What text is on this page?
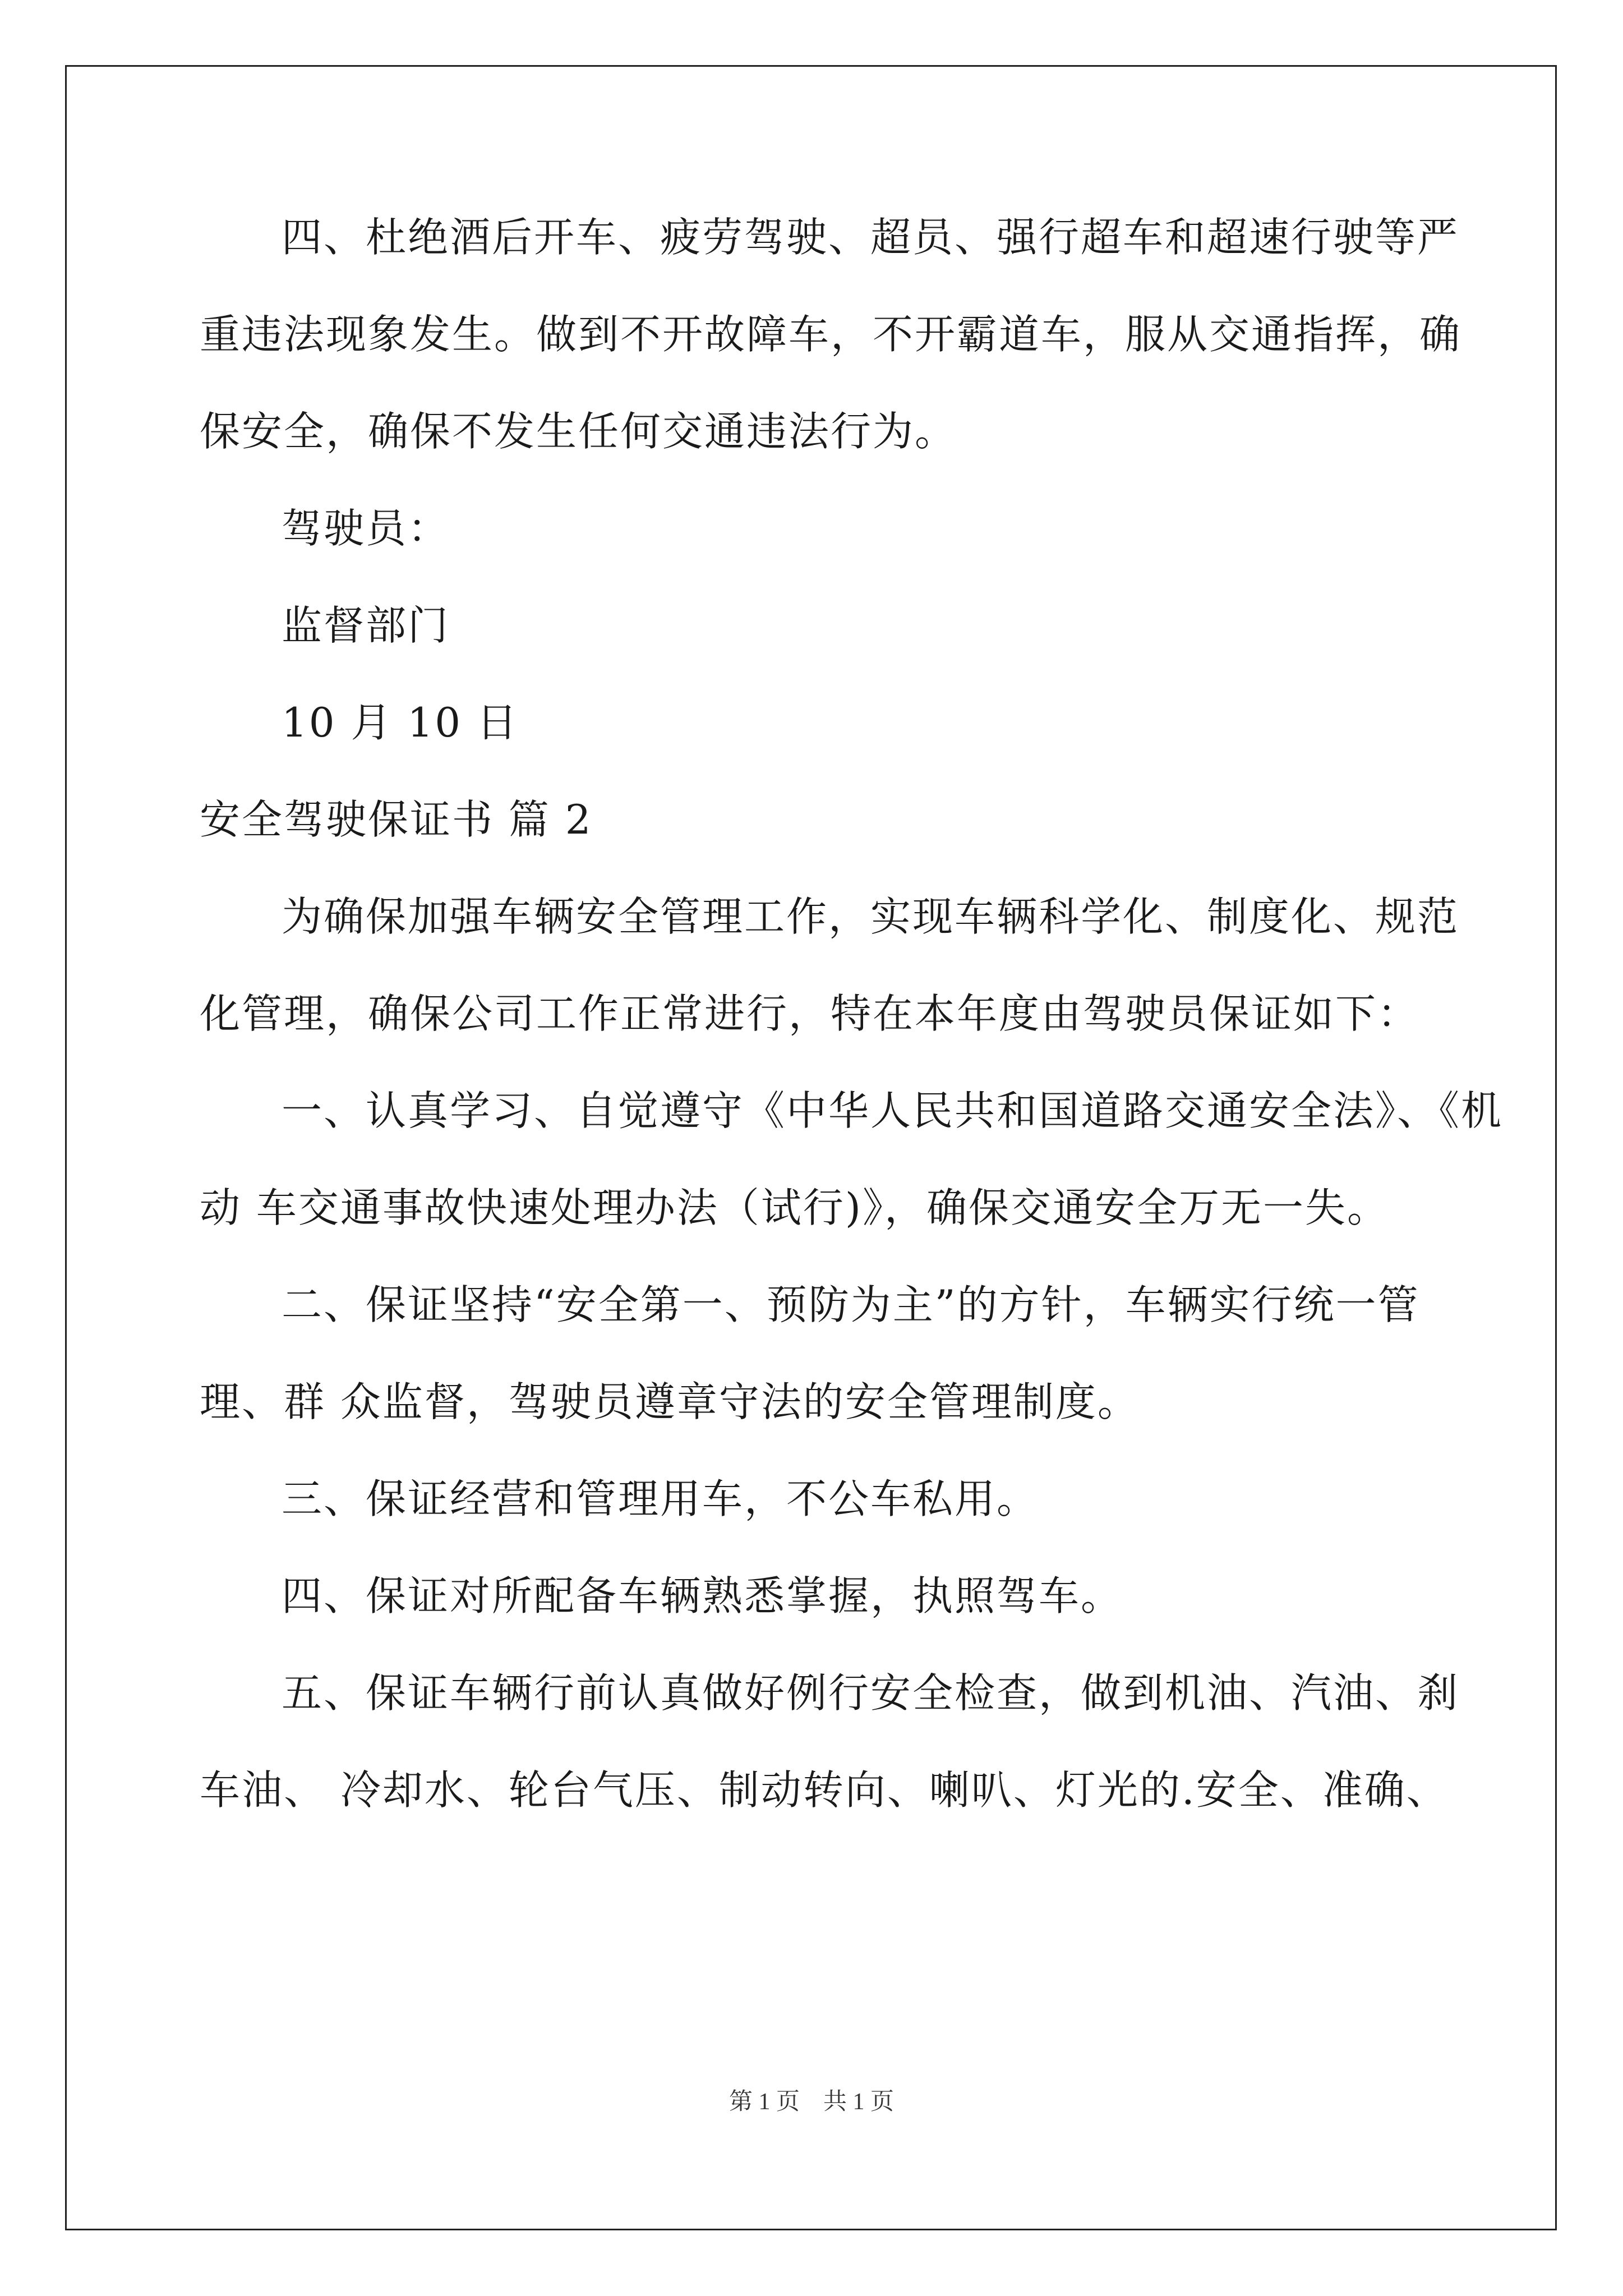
四、杜绝酒后开车、疲劳驾驶、超员、强行超车和超速行驶等严

重违法现象发生。做到不开故障车，不开霸道车，服从交通指挥，确

保安全，确保不发生任何交通违法行为。

驾驶员：

监督部门

10 月 10 日

安全驾驶保证书 篇 2

为确保加强车辆安全管理工作，实现车辆科学化、制度化、规范

化管理，确保公司工作正常进行，特在本年度由驾驶员保证如下：

一、认真学习、自觉遵守《中华人民共和国道路交通安全法》、《机

动 车交通事故快速处理办法（试行)》，确保交通安全万无一失。

二、保证坚持“安全第一、预防为主”的方针，车辆实行统一管

理、群 众监督，驾驶员遵章守法的安全管理制度。

三、保证经营和管理用车，不公车私用。

四、保证对所配备车辆熟悉掌握，执照驾车。

五、保证车辆行前认真做好例行安全检查，做到机油、汽油、刹

车油、 冷却水、轮台气压、制动转向、喇叭、灯光的.安全、准确、

第 1 页　共 1 页
